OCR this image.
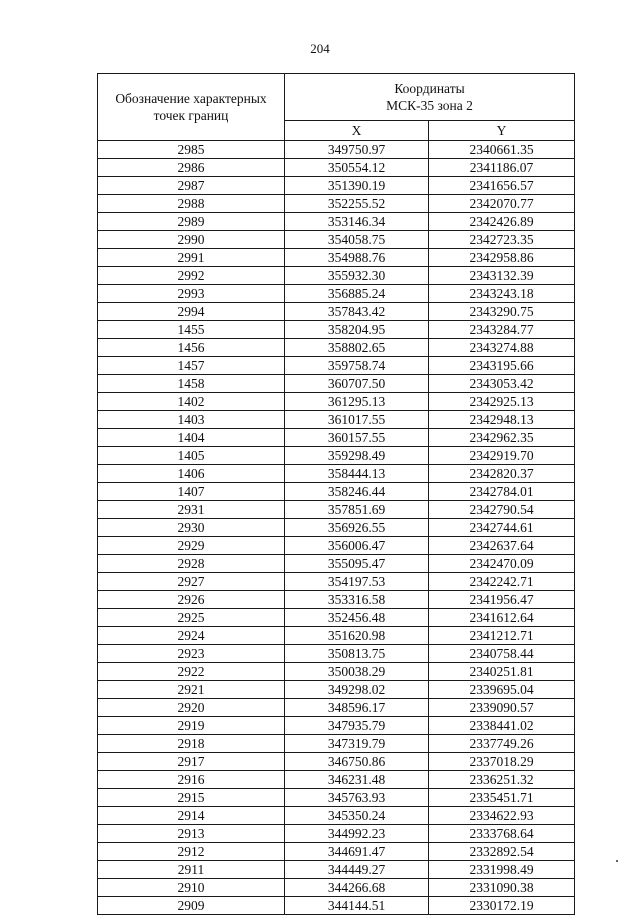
204
Обозначение характерных
точек границ	Координаты
МСК-35 зона 2	

	X	Y
2985	349750.97	2340661.35
2986	350554.12	2341186.07
2987	351390.19	2341656.57
2988	352255.52	2342070.77
2989	353146.34	2342426.89
2990	354058.75	2342723.35
2991	354988.76	2342958.86
2992	355932.30	2343132.39
2993	356885.24	2343243.18
2994	357843.42	2343290.75
1455	358204.95	2343284.77
1456	358802.65	2343274.88
1457	359758.74	2343195.66
1458	360707.50	2343053.42
1402	361295.13	2342925.13
1403	361017.55	2342948.13
1404	360157.55	2342962.35
1405	359298.49	2342919.70
1406	358444.13	2342820.37
1407	358246.44	2342784.01
2931	357851.69	2342790.54
2930	356926.55	2342744.61
2929	356006.47	2342637.64
2928	355095.47	2342470.09
2927	354197.53	2342242.71
2926	353316.58	2341956.47
2925	352456.48	2341612.64
2924	351620.98	2341212.71
2923	350813.75	2340758.44
2922	350038.29	2340251.81
2921	349298.02	2339695.04
2920	348596.17	2339090.57
2919	347935.79	2338441.02
2918	347319.79	2337749.26
2917	346750.86	2337018.29
2916	346231.48	2336251.32
2915	345763.93	2335451.71
2914	345350.24	2334622.93
2913	344992.23	2333768.64
2912	344691.47	2332892.54
2911	344449.27	2331998.49
2910	344266.68	2331090.38
2909	344144.51	2330172.19
